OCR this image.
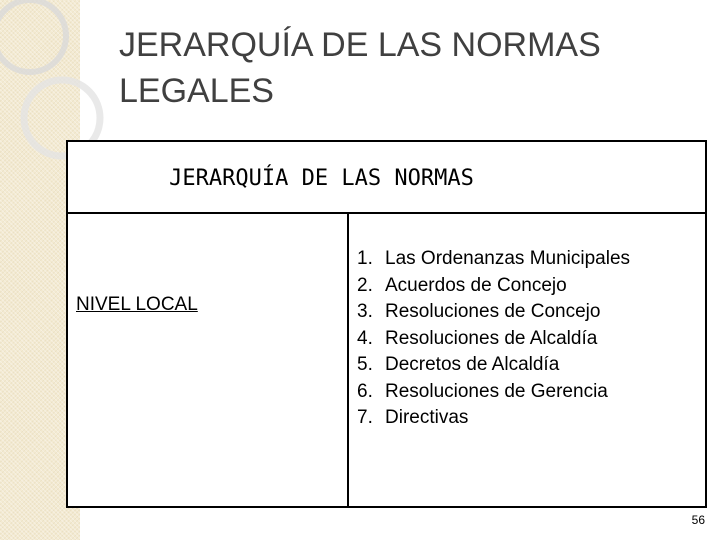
JERARQUÍA DE LAS NORMAS LEGALES
JERARQUÍA DE LAS NORMAS
NIVEL LOCAL
1. Las Ordenanzas Municipales
2. Acuerdos de Concejo
3. Resoluciones de Concejo
4. Resoluciones de Alcaldía
5. Decretos de Alcaldía
6. Resoluciones de Gerencia
7. Directivas
56
